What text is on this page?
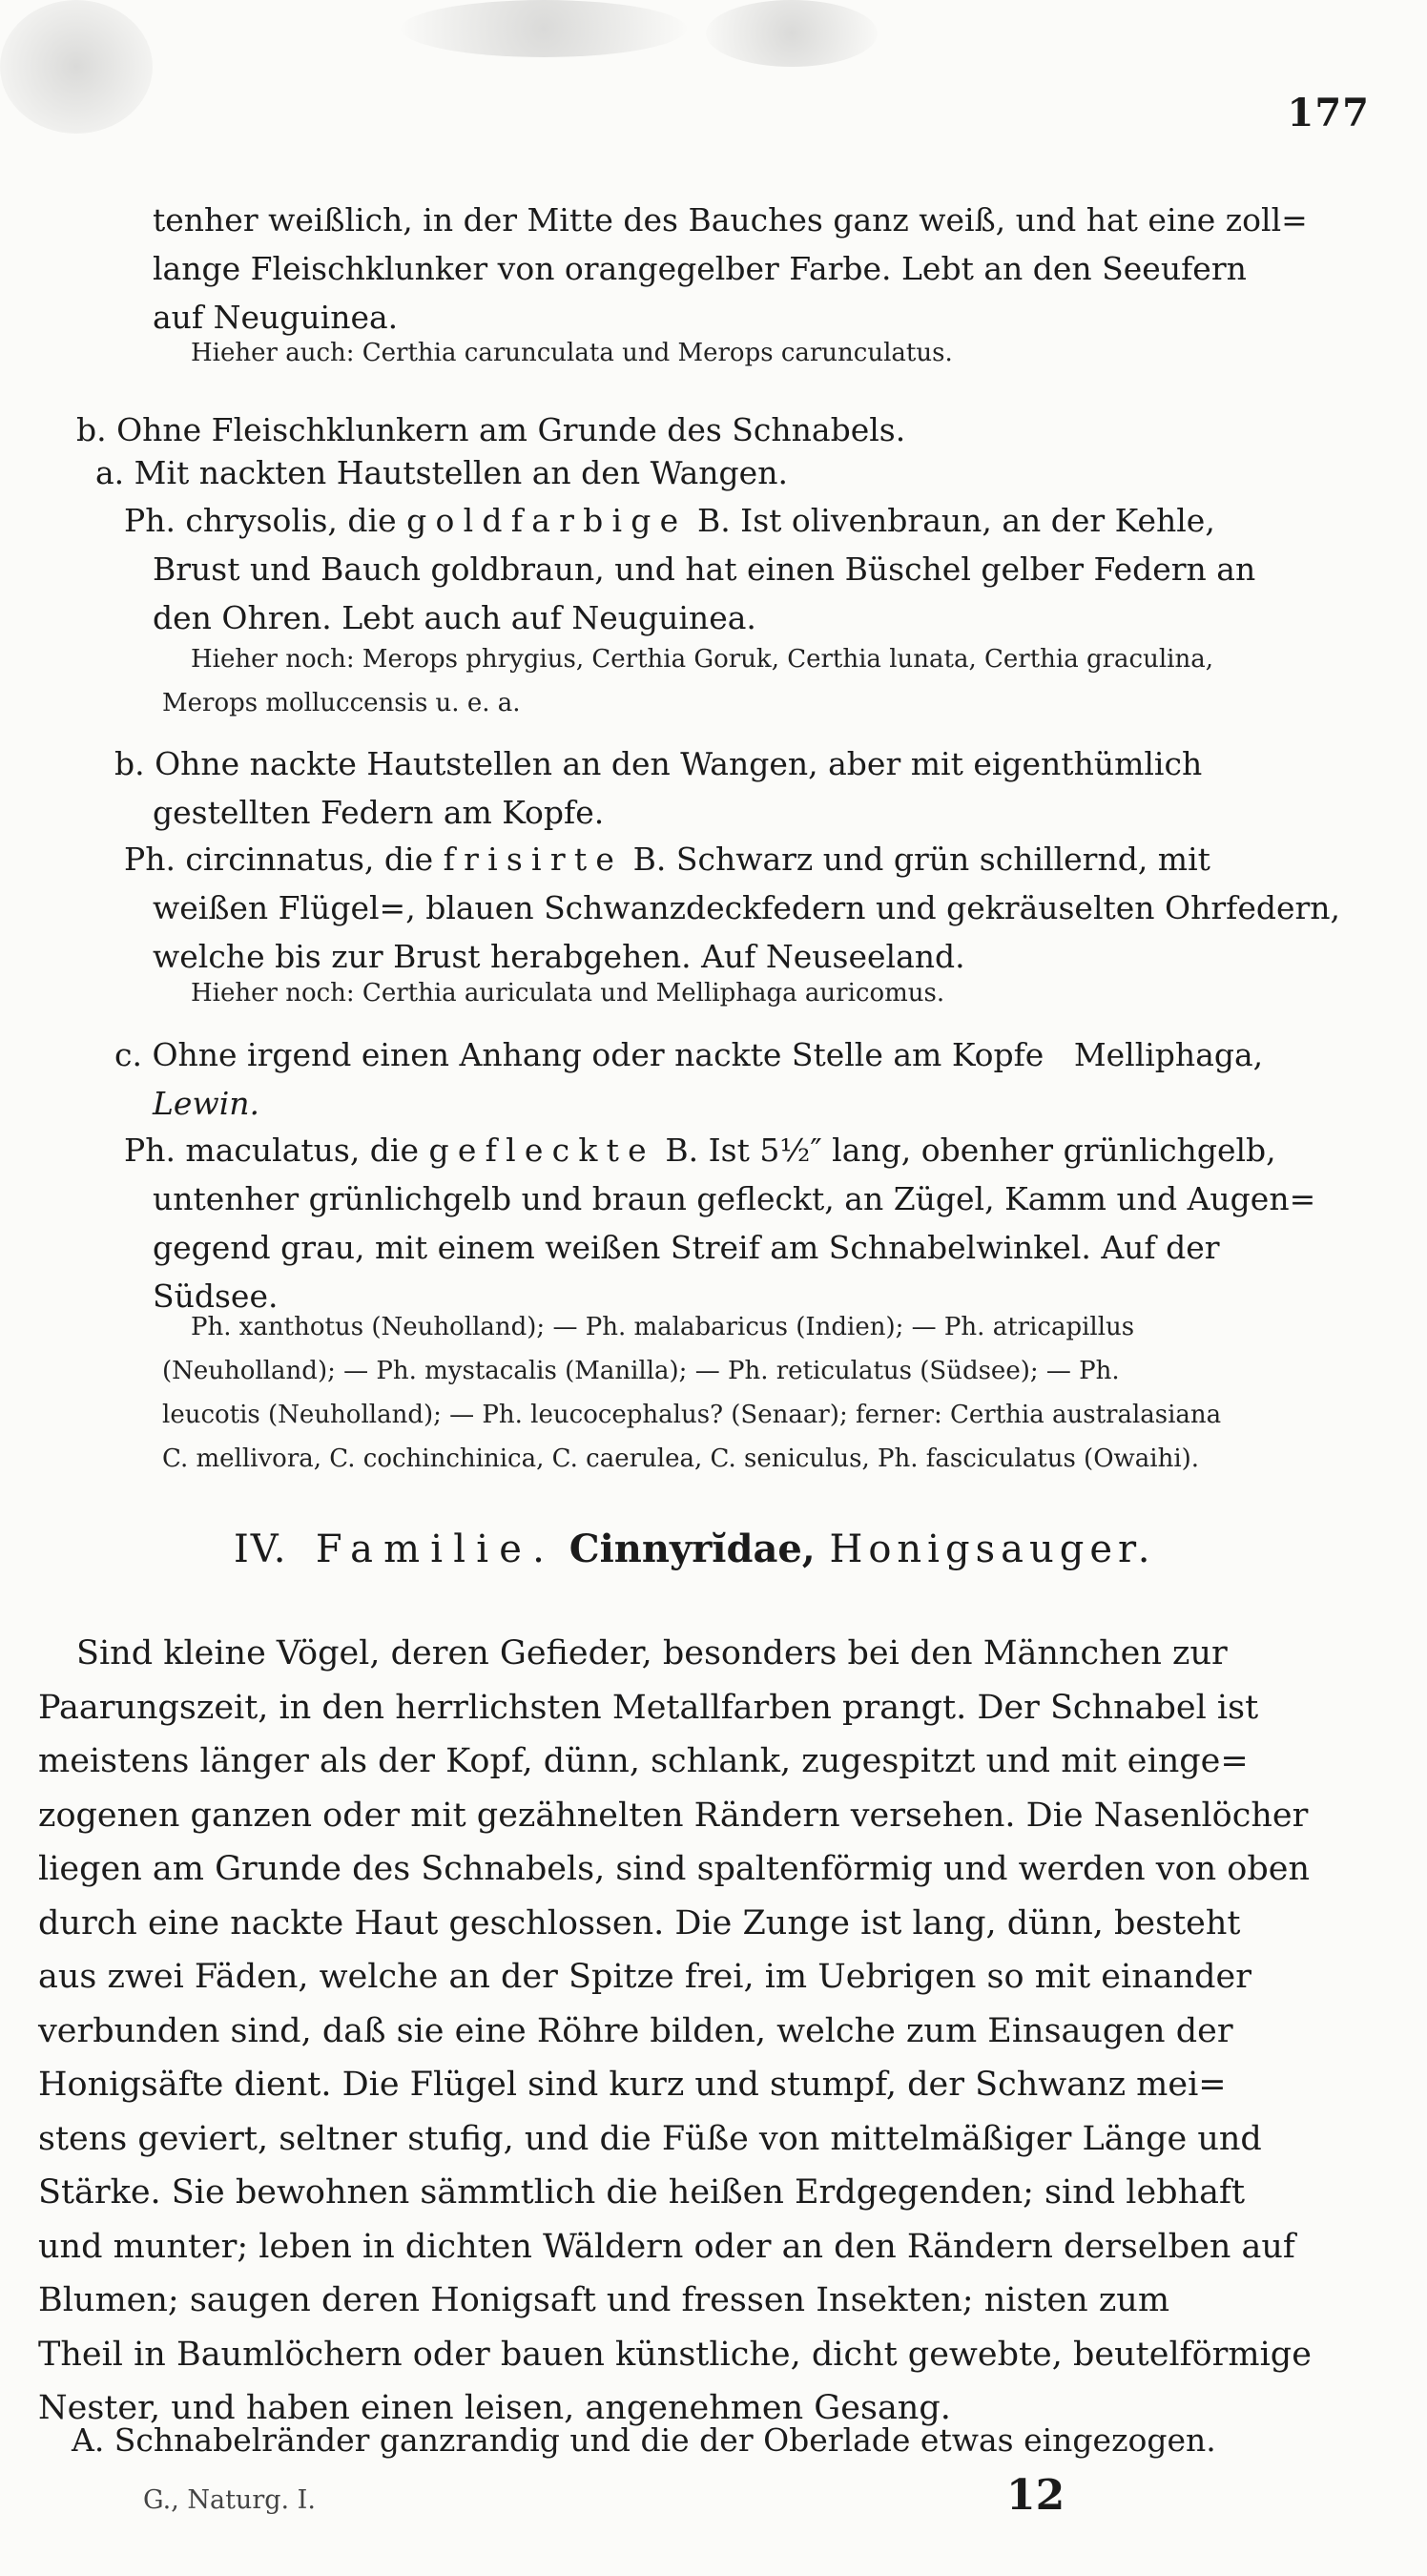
177
tenher weißlich, in der Mitte des Bauches ganz weiß, und hat eine zoll=
lange Fleischklunker von orangegelber Farbe. Lebt an den Seeufern
auf Neuguinea.
Hieher auch: Certhia carunculata und Merops carunculatus.
b. Ohne Fleischklunkern am Grunde des Schnabels.
a. Mit nackten Hautstellen an den Wangen.
Ph. chrysolis, die goldfarbige B. Ist olivenbraun, an der Kehle,
Brust und Bauch goldbraun, und hat einen Büschel gelber Federn an
den Ohren. Lebt auch auf Neuguinea.
Hieher noch: Merops phrygius, Certhia Goruk, Certhia lunata, Certhia graculina,
Merops molluccensis u. e. a.
b. Ohne nackte Hautstellen an den Wangen, aber mit eigenthümlich
gestellten Federn am Kopfe.
Ph. circinnatus, die frisirte B. Schwarz und grün schillernd, mit
weißen Flügel=, blauen Schwanzdeckfedern und gekräuselten Ohrfedern,
welche bis zur Brust herabgehen. Auf Neuseeland.
Hieher noch: Certhia auriculata und Melliphaga auricomus.
c. Ohne irgend einen Anhang oder nackte Stelle am Kopfe Melliphaga,
Lewin.
Ph. maculatus, die gefleckte B. Ist 5½″ lang, obenher grünlichgelb,
untenher grünlichgelb und braun gefleckt, an Zügel, Kamm und Augen=
gegend grau, mit einem weißen Streif am Schnabelwinkel. Auf der
Südsee.
Ph. xanthotus (Neuholland); — Ph. malabaricus (Indien); — Ph. atricapillus
(Neuholland); — Ph. mystacalis (Manilla); — Ph. reticulatus (Südsee); — Ph.
leucotis (Neuholland); — Ph. leucocephalus? (Senaar); ferner: Certhia australasiana
C. mellivora, C. cochinchinica, C. caerulea, C. seniculus, Ph. fasciculatus (Owaihi).
IV. Familie. Cinnyrĭdae, Honigsauger.
Sind kleine Vögel, deren Gefieder, besonders bei den Männchen zur
Paarungszeit, in den herrlichsten Metallfarben prangt. Der Schnabel ist
meistens länger als der Kopf, dünn, schlank, zugespitzt und mit einge=
zogenen ganzen oder mit gezähnelten Rändern versehen. Die Nasenlöcher
liegen am Grunde des Schnabels, sind spaltenförmig und werden von oben
durch eine nackte Haut geschlossen. Die Zunge ist lang, dünn, besteht
aus zwei Fäden, welche an der Spitze frei, im Uebrigen so mit einander
verbunden sind, daß sie eine Röhre bilden, welche zum Einsaugen der
Honigsäfte dient. Die Flügel sind kurz und stumpf, der Schwanz mei=
stens geviert, seltner stufig, und die Füße von mittelmäßiger Länge und
Stärke. Sie bewohnen sämmtlich die heißen Erdgegenden; sind lebhaft
und munter; leben in dichten Wäldern oder an den Rändern derselben auf
Blumen; saugen deren Honigsaft und fressen Insekten; nisten zum
Theil in Baumlöchern oder bauen künstliche, dicht gewebte, beutelförmige
Nester, und haben einen leisen, angenehmen Gesang.
A. Schnabelränder ganzrandig und die der Oberlade etwas eingezogen.
G., Naturg. I.	12
